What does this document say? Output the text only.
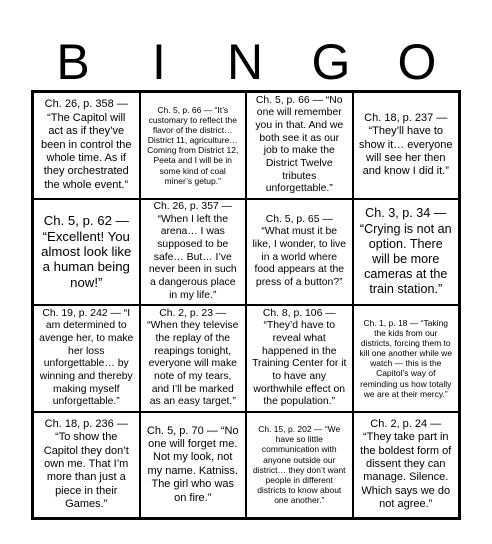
B	I	N G O
Ch. 26, p. 358 — “The Capitol will act as if they’ve been in control the whole time. As if they orchestrated the whole event.”
Ch. 5, p. 66 — “It’s customary to reflect the flavor of the district… District 11, agriculture… Coming from District 12, Peeta and I will be in some kind of coal miner’s getup.”
Ch. 5, p. 66 — “No one will remember you in that. And we both see it as our job to make the District Twelve tributes unforgettable.”
Ch. 18, p. 237 — “They’ll have to show it… everyone will see her then and know I did it.”
Ch. 5, p. 62 — “Excellent! You almost look like a human being now!”
Ch. 26, p. 357 — “When I left the arena… I was supposed to be safe… But… I’ve never been in such a dangerous place in my life.”
Ch. 5, p. 65 — “What must it be like, I wonder, to live in a world where food appears at the press of a button?”
Ch. 3, p. 34 — “Crying is not an option. There will be more cameras at the train station.”
Ch. 19, p. 242 — “I am determined to avenge her, to make her loss unforgettable… by winning and thereby making myself unforgettable.”
Ch. 2, p. 23 — “When they televise the replay of the reapings tonight, everyone will make note of my tears, and I’ll be marked as an easy target.”
Ch. 8, p. 106 — “They’d have to reveal what happened in the Training Center for it to have any worthwhile effect on the population.”
Ch. 1, p. 18 — “Taking the kids from our districts, forcing them to kill one another while we watch — this is the Capitol’s way of reminding us how totally we are at their mercy.”
Ch. 18, p. 236 — “To show the Capitol they don’t own me. That I’m more than just a piece in their Games.”
Ch. 5, p. 70 — “No one will forget me. Not my look, not my name. Katniss. The girl who was on fire.”
Ch. 15, p. 202 — “We have so little communication with anyone outside our district… they don’t want people in different districts to know about one another.”
Ch. 2, p. 24 — “They take part in the boldest form of dissent they can manage. Silence. Which says we do not agree.”
